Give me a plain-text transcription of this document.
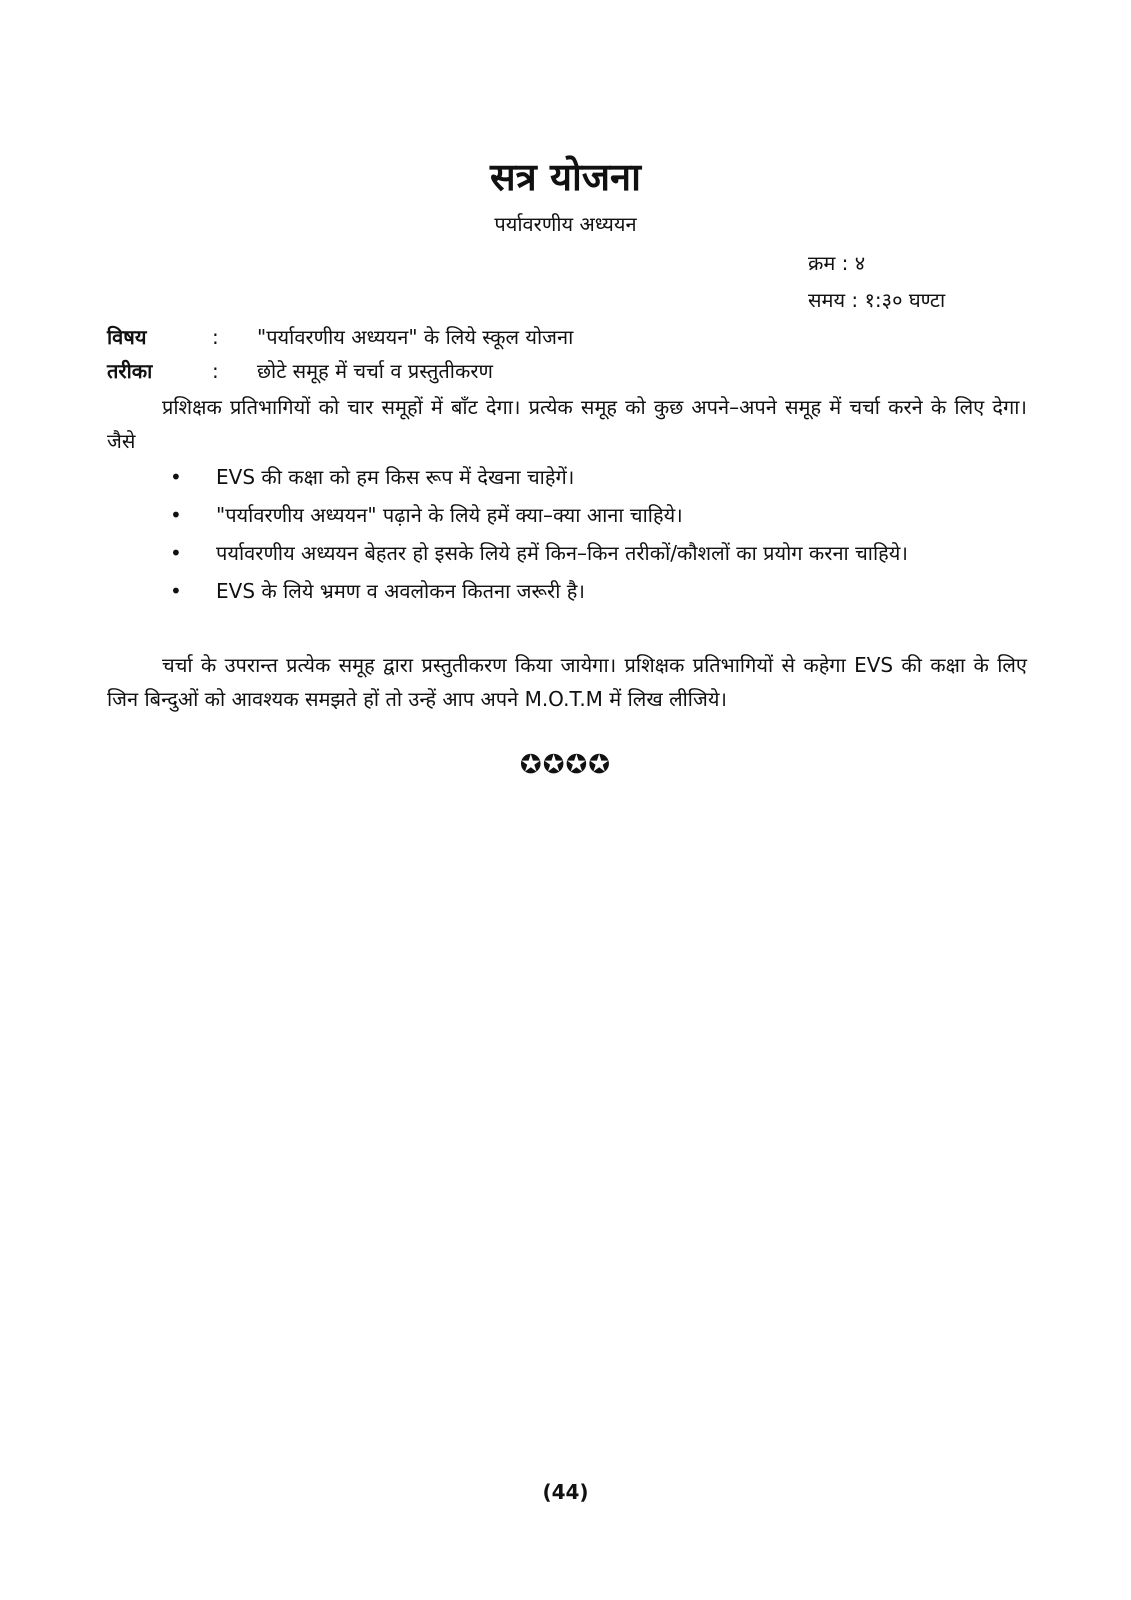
सत्र योजना
पर्यावरणीय अध्ययन
क्रम : ४
समय : १:३० घण्टा
विषय	: "पर्यावरणीय अध्ययन" के लिये स्कूल योजना
तरीका	: छोटे समूह में चर्चा व प्रस्तुतीकरण

प्रशिक्षक प्रतिभागियों को चार समूहों में बाँट देगा। प्रत्येक समूह को कुछ अपने–अपने समूह में चर्चा करने के लिए देगा। जैसे

• EVS की कक्षा को हम किस रूप में देखना चाहेगें।
• "पर्यावरणीय अध्ययन" पढ़ाने के लिये हमें क्या–क्या आना चाहिये।
• पर्यावरणीय अध्ययन बेहतर हो इसके लिये हमें किन–किन तरीकों/कौशलों का प्रयोग करना चाहिये।
• EVS के लिये भ्रमण व अवलोकन कितना जरूरी है।

चर्चा के उपरान्त प्रत्येक समूह द्वारा प्रस्तुतीकरण किया जायेगा। प्रशिक्षक प्रतिभागियों से कहेगा EVS की कक्षा के लिए जिन बिन्दुओं को आवश्यक समझते हों तो उन्हें आप अपने M.O.T.M में लिख लीजिये।

✪✪✪✪
(44)
